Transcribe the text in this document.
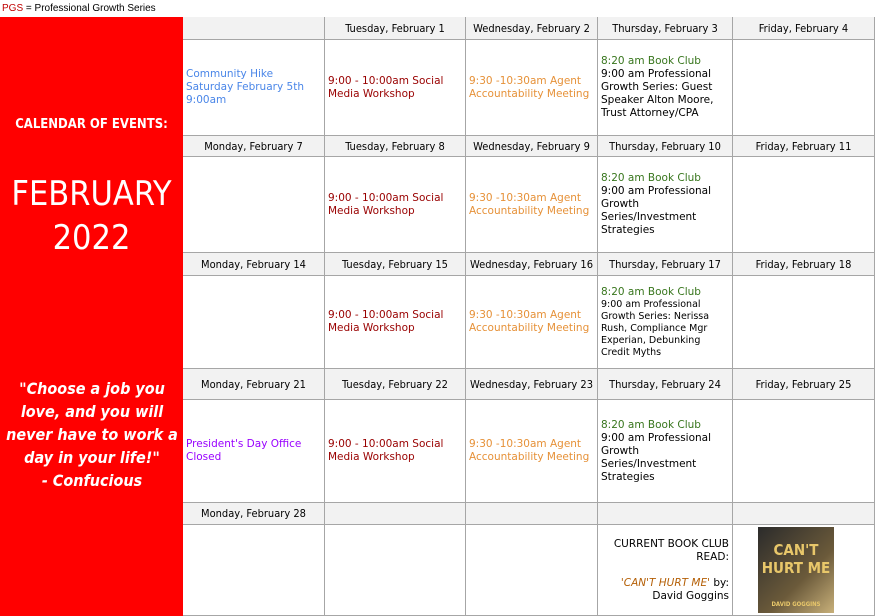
PGS = Professional Growth Series
CALENDAR OF EVENTS:
FEBRUARY
2022
"Choose a job you love, and you will never have to work a day in your life!"
- Confucious
Community Hike Saturday February 5th 9:00am
Tuesday, February 1
9:00 - 10:00am Social Media Workshop
Wednesday, February 2
9:30 -10:30am Agent Accountability Meeting
Thursday, February 3
8:20 am Book Club
9:00 am Professional Growth Series: Guest Speaker Alton Moore, Trust Attorney/CPA
Friday, February 4
Monday, February 7	Tuesday, February 8
9:00 - 10:00am Social Media Workshop
Wednesday, February 9
9:30 -10:30am Agent Accountability Meeting
Thursday, February 10
8:20 am Book Club
9:00 am Professional Growth Series/Investment Strategies
Friday, February 11
Monday, February 14	Tuesday, February 15
9:00 - 10:00am Social Media Workshop
Wednesday, February 16
9:30 -10:30am Agent Accountability Meeting
Thursday, February 17
8:20 am Book Club
9:00 am Professional Growth Series: Nerissa Rush, Compliance Mgr Experian, Debunking Credit Myths
Friday, February 18
Monday, February 21
President's Day Office Closed
Tuesday, February 22
9:00 - 10:00am Social Media Workshop
Wednesday, February 23
9:30 -10:30am Agent Accountability Meeting
Thursday, February 24
8:20 am Book Club
9:00 am Professional Growth Series/Investment Strategies
Friday, February 25
Monday, February 28
CURRENT BOOK CLUB
READ:
'CAN'T HURT ME' by:
David Goggins
CAN'T HURT ME
DAVID GOGGINS
